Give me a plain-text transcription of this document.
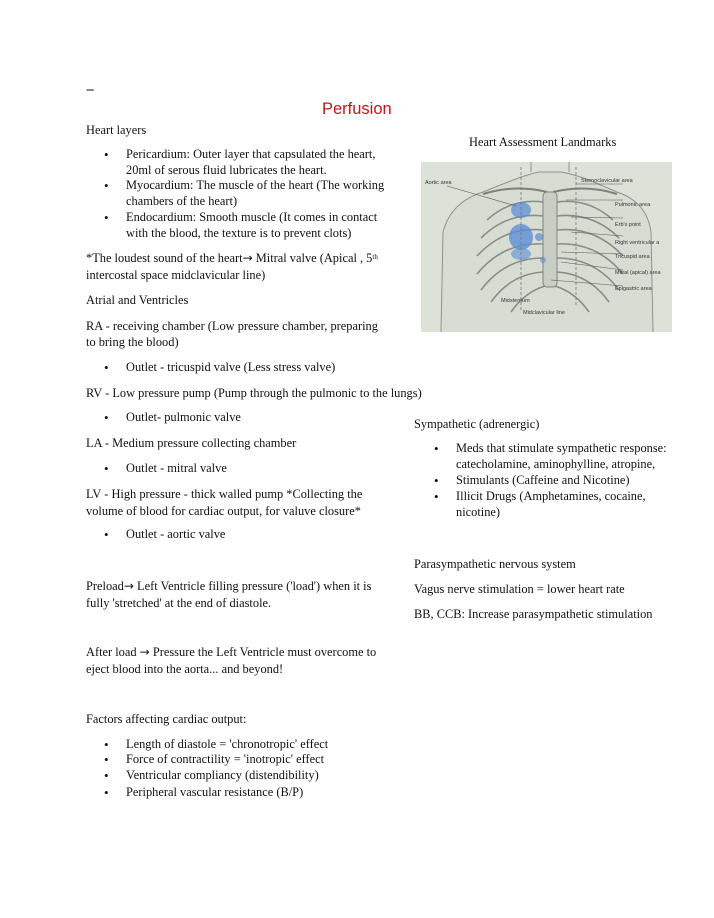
--
Perfusion

Heart layers

• Pericardium: Outer layer that capsulated the heart,
20ml of serous fluid lubricates the heart.
• Myocardium: The muscle of the heart (The working
chambers of the heart)
• Endocardium: Smooth muscle (It comes in contact
with the blood, the texture is to prevent clots)

*The loudest sound of the heart→ Mitral valve (Apical , 5th

intercostal space midclavicular line)

Atrial and Ventricles

RA - receiving chamber (Low pressure chamber, preparing

to bring the blood)

• Outlet - tricuspid valve (Less stress valve)

RV - Low pressure pump (Pump through the pulmonic to the lungs)

• Outlet- pulmonic valve

LA - Medium pressure collecting chamber

• Outlet - mitral valve

LV - High pressure - thick walled pump *Collecting the

volume of blood for cardiac output, for valuve closure*

• Outlet - aortic valve

Preload→ Left Ventricle filling pressure ('load') when it is

fully 'stretched' at the end of diastole.

After load → Pressure the Left Ventricle must overcome to

eject blood into the aorta... and beyond!

Factors affecting cardiac output:

• Length of diastole = 'chronotropic' effect
• Force of contractility = 'inotropic' effect
• Ventricular compliancy (distendibility)
• Peripheral vascular resistance (B/P)

Heart Assessment Landmarks

Aortic area	Sternoclavicular area
Pulmonic area
Erb's point
Right ventricular a
Tricuspid area
Mitral (apical) area
Epigastric area
Midsternum
Midclavicular line

Sympathetic (adrenergic)

• Meds that stimulate sympathetic response:
catecholamine, aminophylline, atropine,
• Stimulants (Caffeine and Nicotine)
• Illicit Drugs (Amphetamines, cocaine,
nicotine)

Parasympathetic nervous system

Vagus nerve stimulation = lower heart rate

BB, CCB: Increase parasympathetic stimulation
